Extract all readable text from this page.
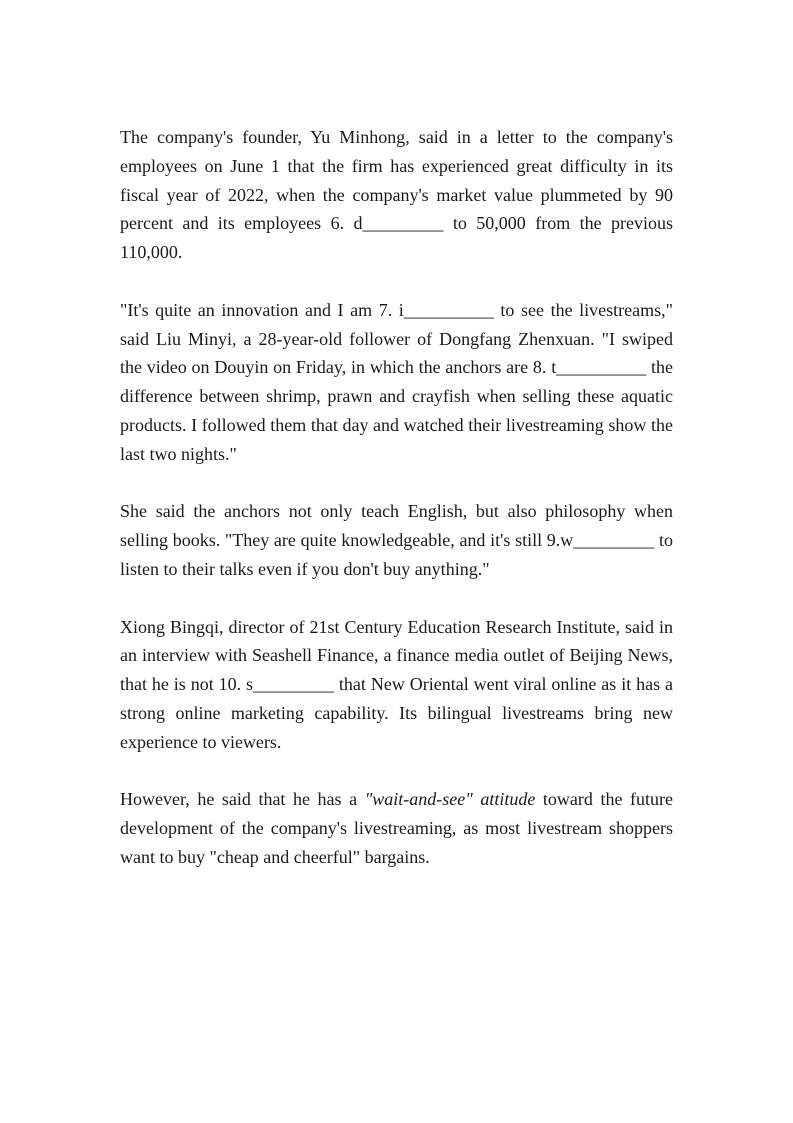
The company's founder, Yu Minhong, said in a letter to the company's employees on June 1 that the firm has experienced great difficulty in its fiscal year of 2022, when the company's market value plummeted by 90 percent and its employees 6. d_________ to 50,000 from the previous 110,000.

"It's quite an innovation and I am 7. i__________ to see the livestreams," said Liu Minyi, a 28-year-old follower of Dongfang Zhenxuan. "I swiped the video on Douyin on Friday, in which the anchors are 8. t__________ the difference between shrimp, prawn and crayfish when selling these aquatic products. I followed them that day and watched their livestreaming show the last two nights."

She said the anchors not only teach English, but also philosophy when selling books. "They are quite knowledgeable, and it's still 9.w_________ to listen to their talks even if you don't buy anything."

Xiong Bingqi, director of 21st Century Education Research Institute, said in an interview with Seashell Finance, a finance media outlet of Beijing News, that he is not 10. s_________ that New Oriental went viral online as it has a strong online marketing capability. Its bilingual livestreams bring new experience to viewers.

However, he said that he has a "wait-and-see" attitude toward the future development of the company's livestreaming, as most livestream shoppers want to buy "cheap and cheerful" bargains.
